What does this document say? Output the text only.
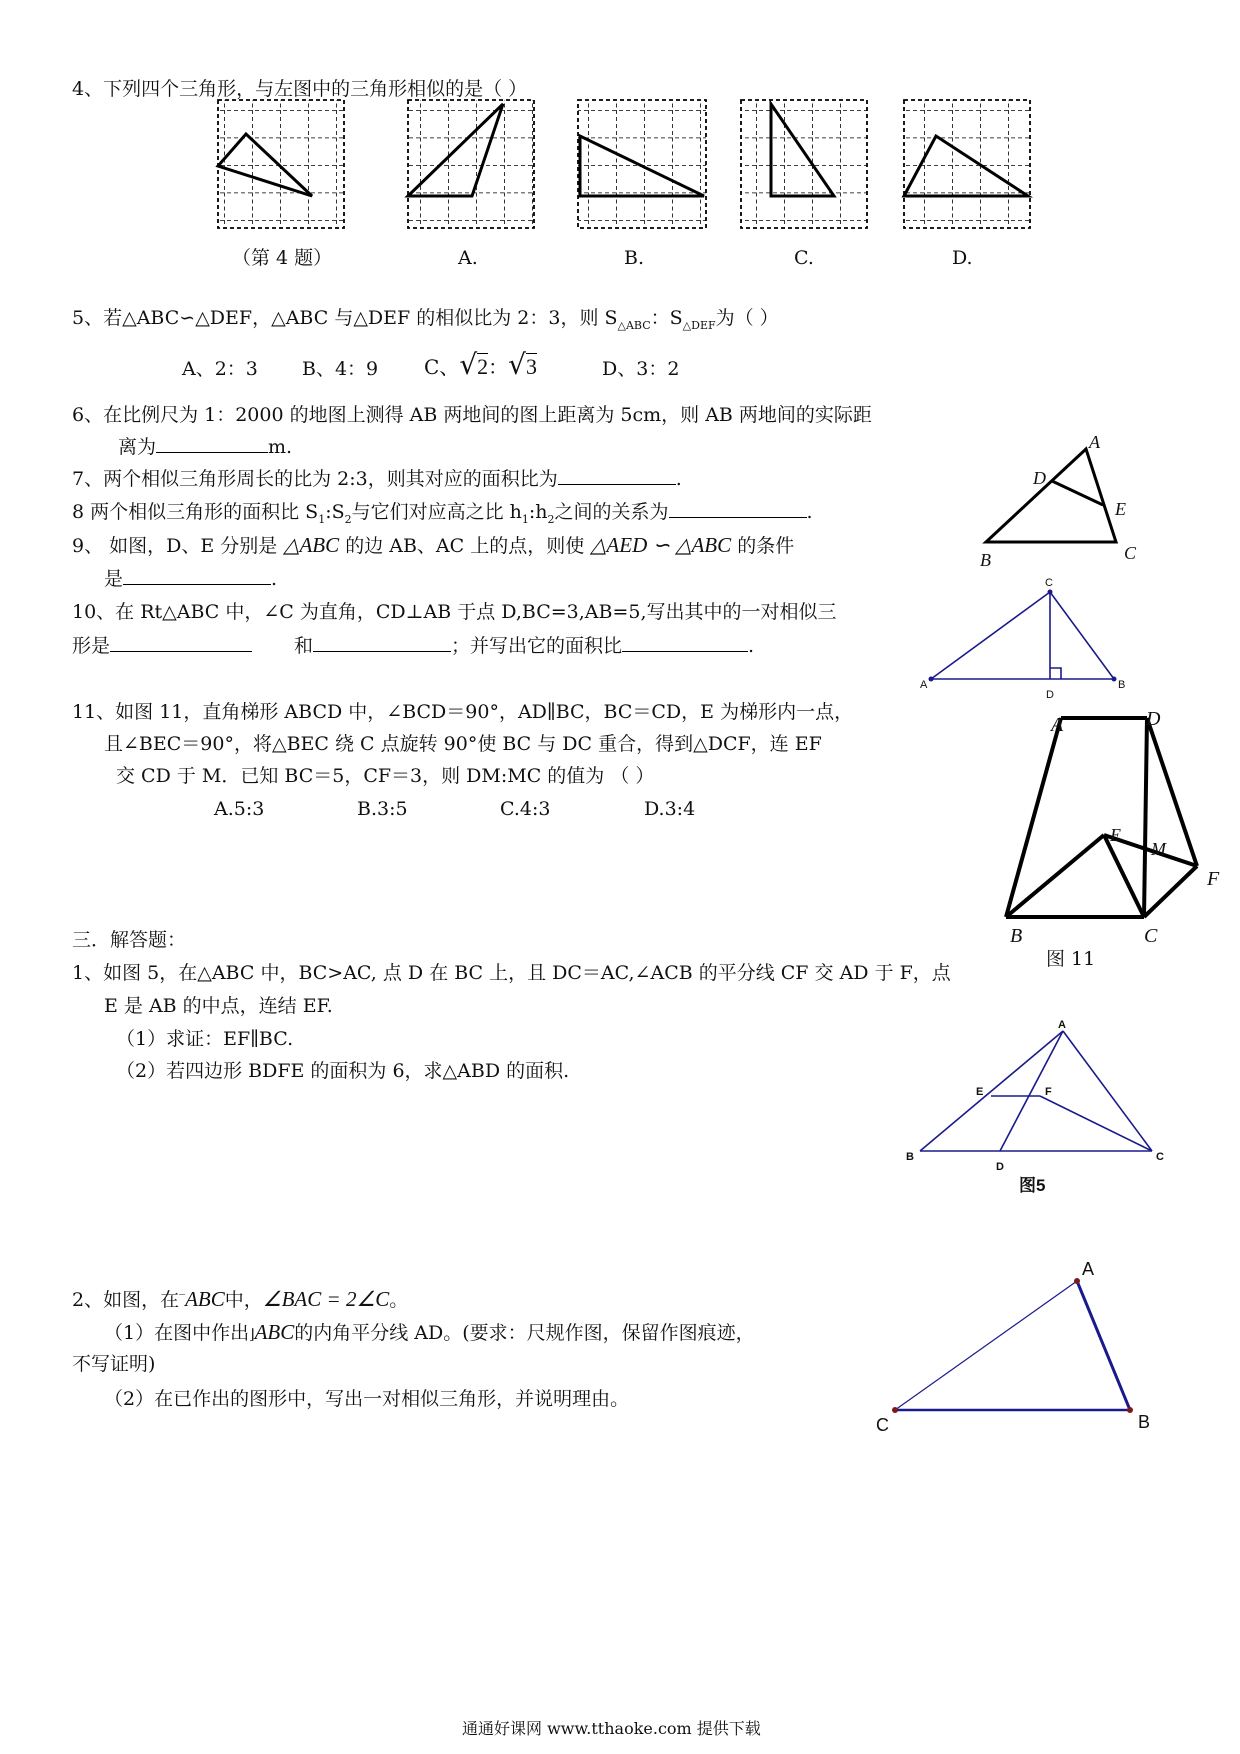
4、下列四个三角形，与左图中的三角形相似的是（ ）
（第 4 题）	A.	B.	C.	D.
5、若△ABC∽△DEF，△ABC 与△DEF 的相似比为 2：3，则 $S_{\triangle ABC}$：$S_{\triangle DEF}$为（ ）
A、2：3 B、4：9 C、√2：√3	D、3：2
6、在比例尺为 1：2000 的地图上测得 AB 两地间的图上距离为 5cm，则 AB 两地间的实际距
离为	m.
7、两个相似三角形周长的比为 2:3，则其对应的面积比为	.
8 两个相似三角形的面积比 $S_1:S_2$与它们对应高之比 $h_1:h_2$之间的关系为	.
9、 如图，D、E 分别是 △ABC 的边 AB、AC 上的点，则使 △AED ∽ △ABC 的条件
是	.
A
D
E
B	C
10、在 Rt△ABC 中，∠C 为直角，CD⊥AB 于点 D,BC=3,AB=5,写出其中的一对相似三
形是	和	；并写出它的面积比	.
C
A
D
B
11、如图 11，直角梯形 ABCD 中，∠BCD＝90°，AD∥BC，BC＝CD，E 为梯形内一点，
且∠BEC＝90°，将△BEC 绕 C 点旋转 90°使 BC 与 DC 重合，得到△DCF，连 EF
交 CD 于 M．已知 BC＝5，CF＝3，则 DM:MC 的值为 （ ）
A.5:3	B.3:5	C.4:3	D.3:4
A	D
E
M
F
B	C
图 11
三．解答题：
1、如图 5，在△ABC 中，BC>AC, 点 D 在 BC 上，且 DC＝AC,∠ACB 的平分线 CF 交 AD 于 F，点
E 是 AB 的中点，连结 EF.
（1）求证：EF∥BC.
（2）若四边形 BDFE 的面积为 6，求△ABD 的面积.
A
E	F
B
D
C
图5
2、如图，在‾ABC中，∠BAC = 2∠C。
（1）在图中作出⌋ABC的内角平分线 AD。(要求：尺规作图，保留作图痕迹，
不写证明)
（2）在已作出的图形中，写出一对相似三角形，并说明理由。
A
C	B
通通好课网 www.tthaoke.com 提供下载
